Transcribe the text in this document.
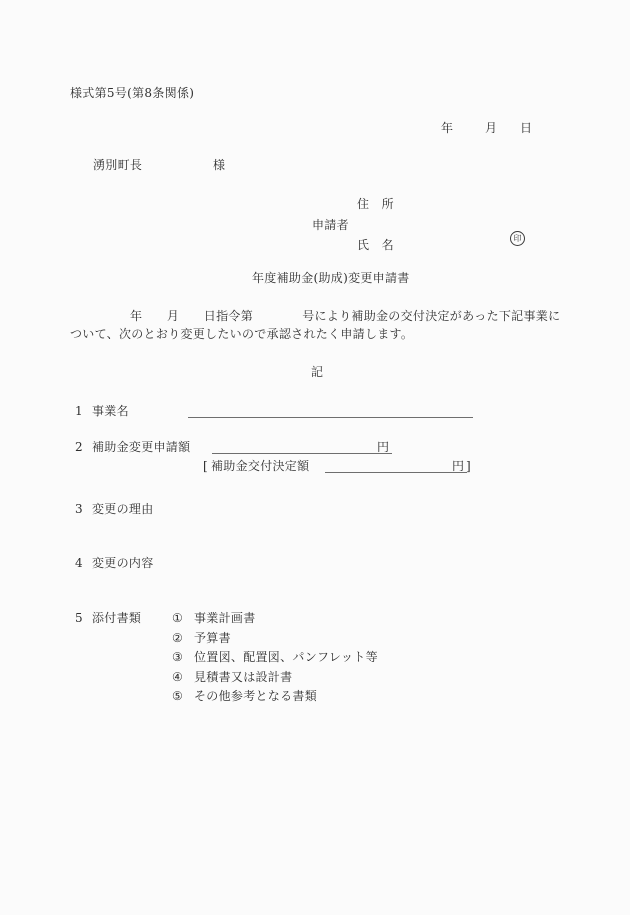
様式第5号(第8条関係)
年	月 日
湧別町長	様
住　所
申請者
氏　名	印
年度補助金(助成)変更申請書
年　　月　　日指令第　　　　号により補助金の交付決定があった下記事業に
ついて、次のとおり変更したいので承認されたく申請します。
記
1 事業名
2 補助金変更申請額	円
[ 補助金交付決定額	円 ]
3 変更の理由
4 変更の内容
5 添付書類	① 事業計画書
② 予算書
③ 位置図、配置図、パンフレット等
④ 見積書又は設計書
⑤ その他参考となる書類
